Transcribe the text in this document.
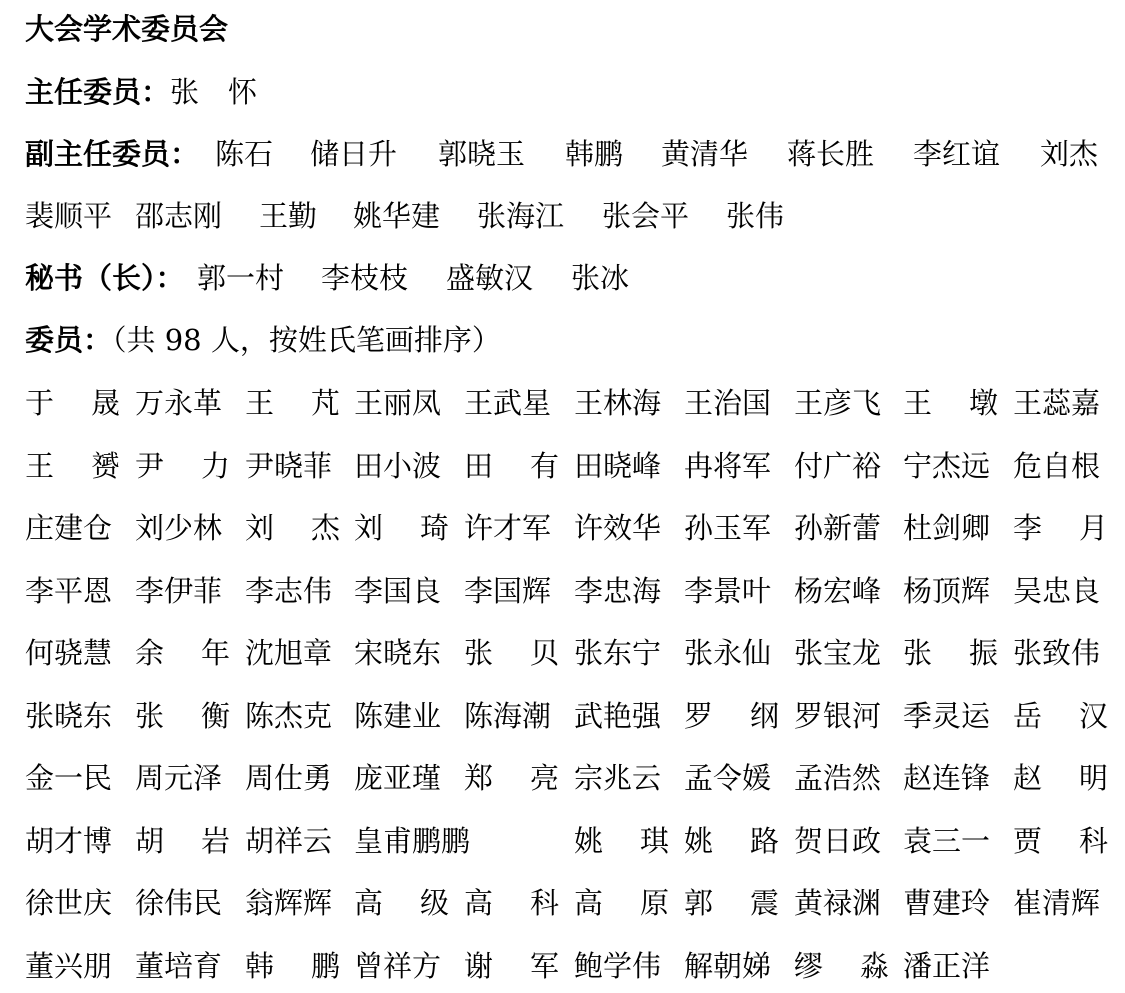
大会学术委员会
主任委员：张　怀
副主任委员： 陈石 储日升 郭晓玉 韩鹏 黄清华 蒋长胜 李红谊 刘杰
裴顺平 邵志刚 王勤 姚华建 张海江 张会平 张伟
秘书（长）： 郭一村 李枝枝 盛敏汉 张冰
委员：（共 98 人，按姓氏笔画排序）
于 晟 万永革 王 芃 王丽凤 王武星 王林海 王治国 王彦飞 王 墩 王蕊嘉
王 赟 尹 力 尹晓菲 田小波 田 有 田晓峰 冉将军 付广裕 宁杰远 危自根
庄建仓 刘少林 刘 杰 刘 琦 许才军 许效华 孙玉军 孙新蕾 杜剑卿 李 月
李平恩 李伊菲 李志伟 李国良 李国辉 李忠海 李景叶 杨宏峰 杨顶辉 吴忠良
何骁慧 余 年 沈旭章 宋晓东 张 贝 张东宁 张永仙 张宝龙 张 振 张致伟
张晓东 张 衡 陈杰克 陈建业 陈海潮 武艳强 罗 纲 罗银河 季灵运 岳 汉
金一民 周元泽 周仕勇 庞亚瑾 郑 亮 宗兆云 孟令媛 孟浩然 赵连锋 赵 明
胡才博 胡 岩 胡祥云 皇甫鹏鹏	姚 琪 姚 路 贺日政 袁三一 贾 科
徐世庆 徐伟民 翁辉辉 高 级 高 科 高 原 郭 震 黄禄渊 曹建玲 崔清辉
董兴朋 董培育 韩 鹏 曾祥方 谢 军 鲍学伟 解朝娣 缪 淼 潘正洋
